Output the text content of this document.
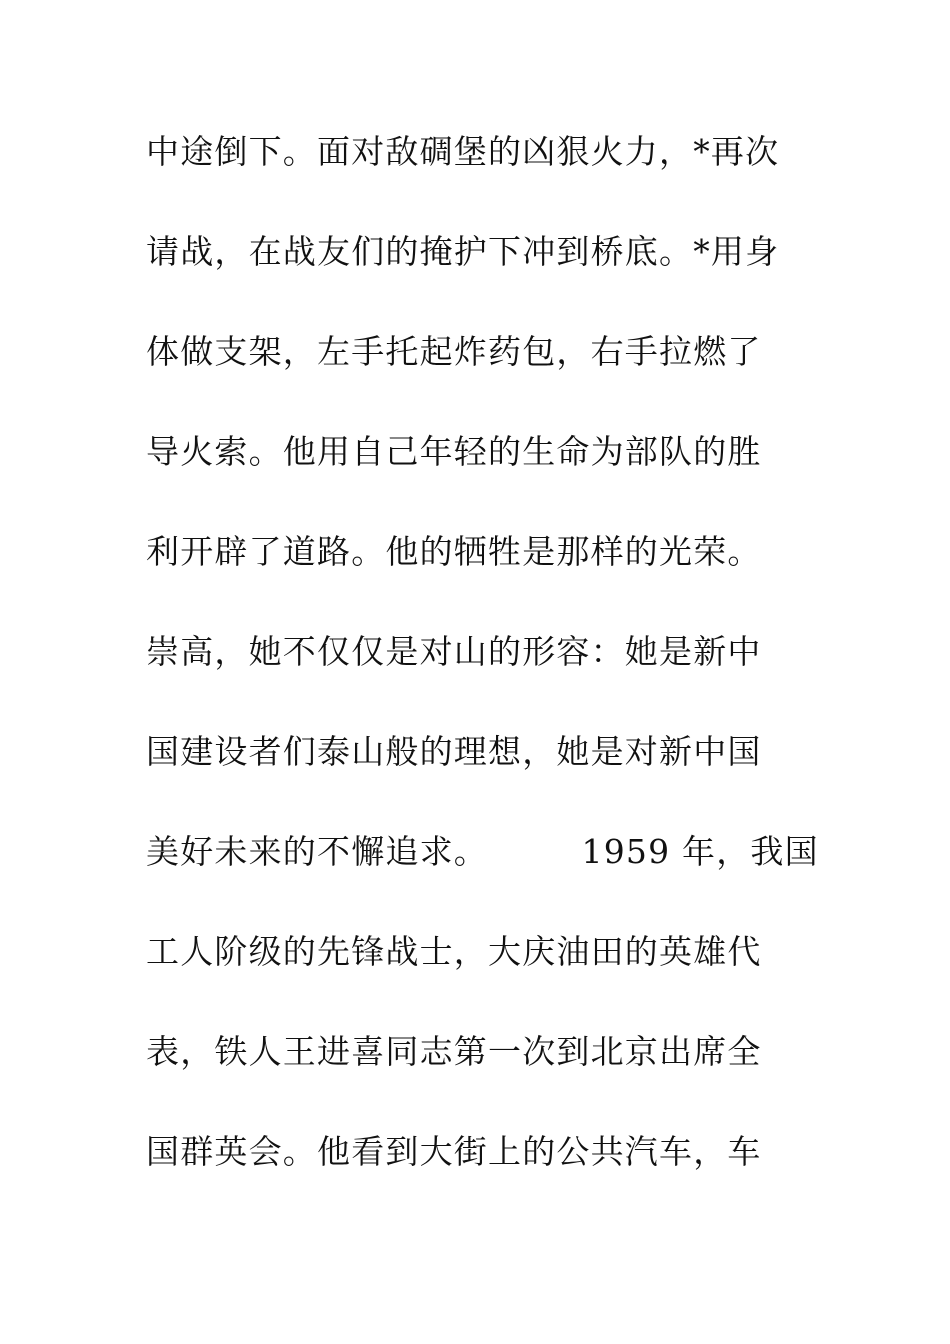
中途倒下。面对敌碉堡的凶狠火力，*再次
请战，在战友们的掩护下冲到桥底。*用身
体做支架，左手托起炸药包，右手拉燃了
导火索。他用自己年轻的生命为部队的胜
利开辟了道路。他的牺牲是那样的光荣。
崇高，她不仅仅是对山的形容：她是新中
国建设者们泰山般的理想，她是对新中国
美好未来的不懈追求。        1959 年，我国
工人阶级的先锋战士，大庆油田的英雄代
表，铁人王进喜同志第一次到北京出席全
国群英会。他看到大街上的公共汽车，车
